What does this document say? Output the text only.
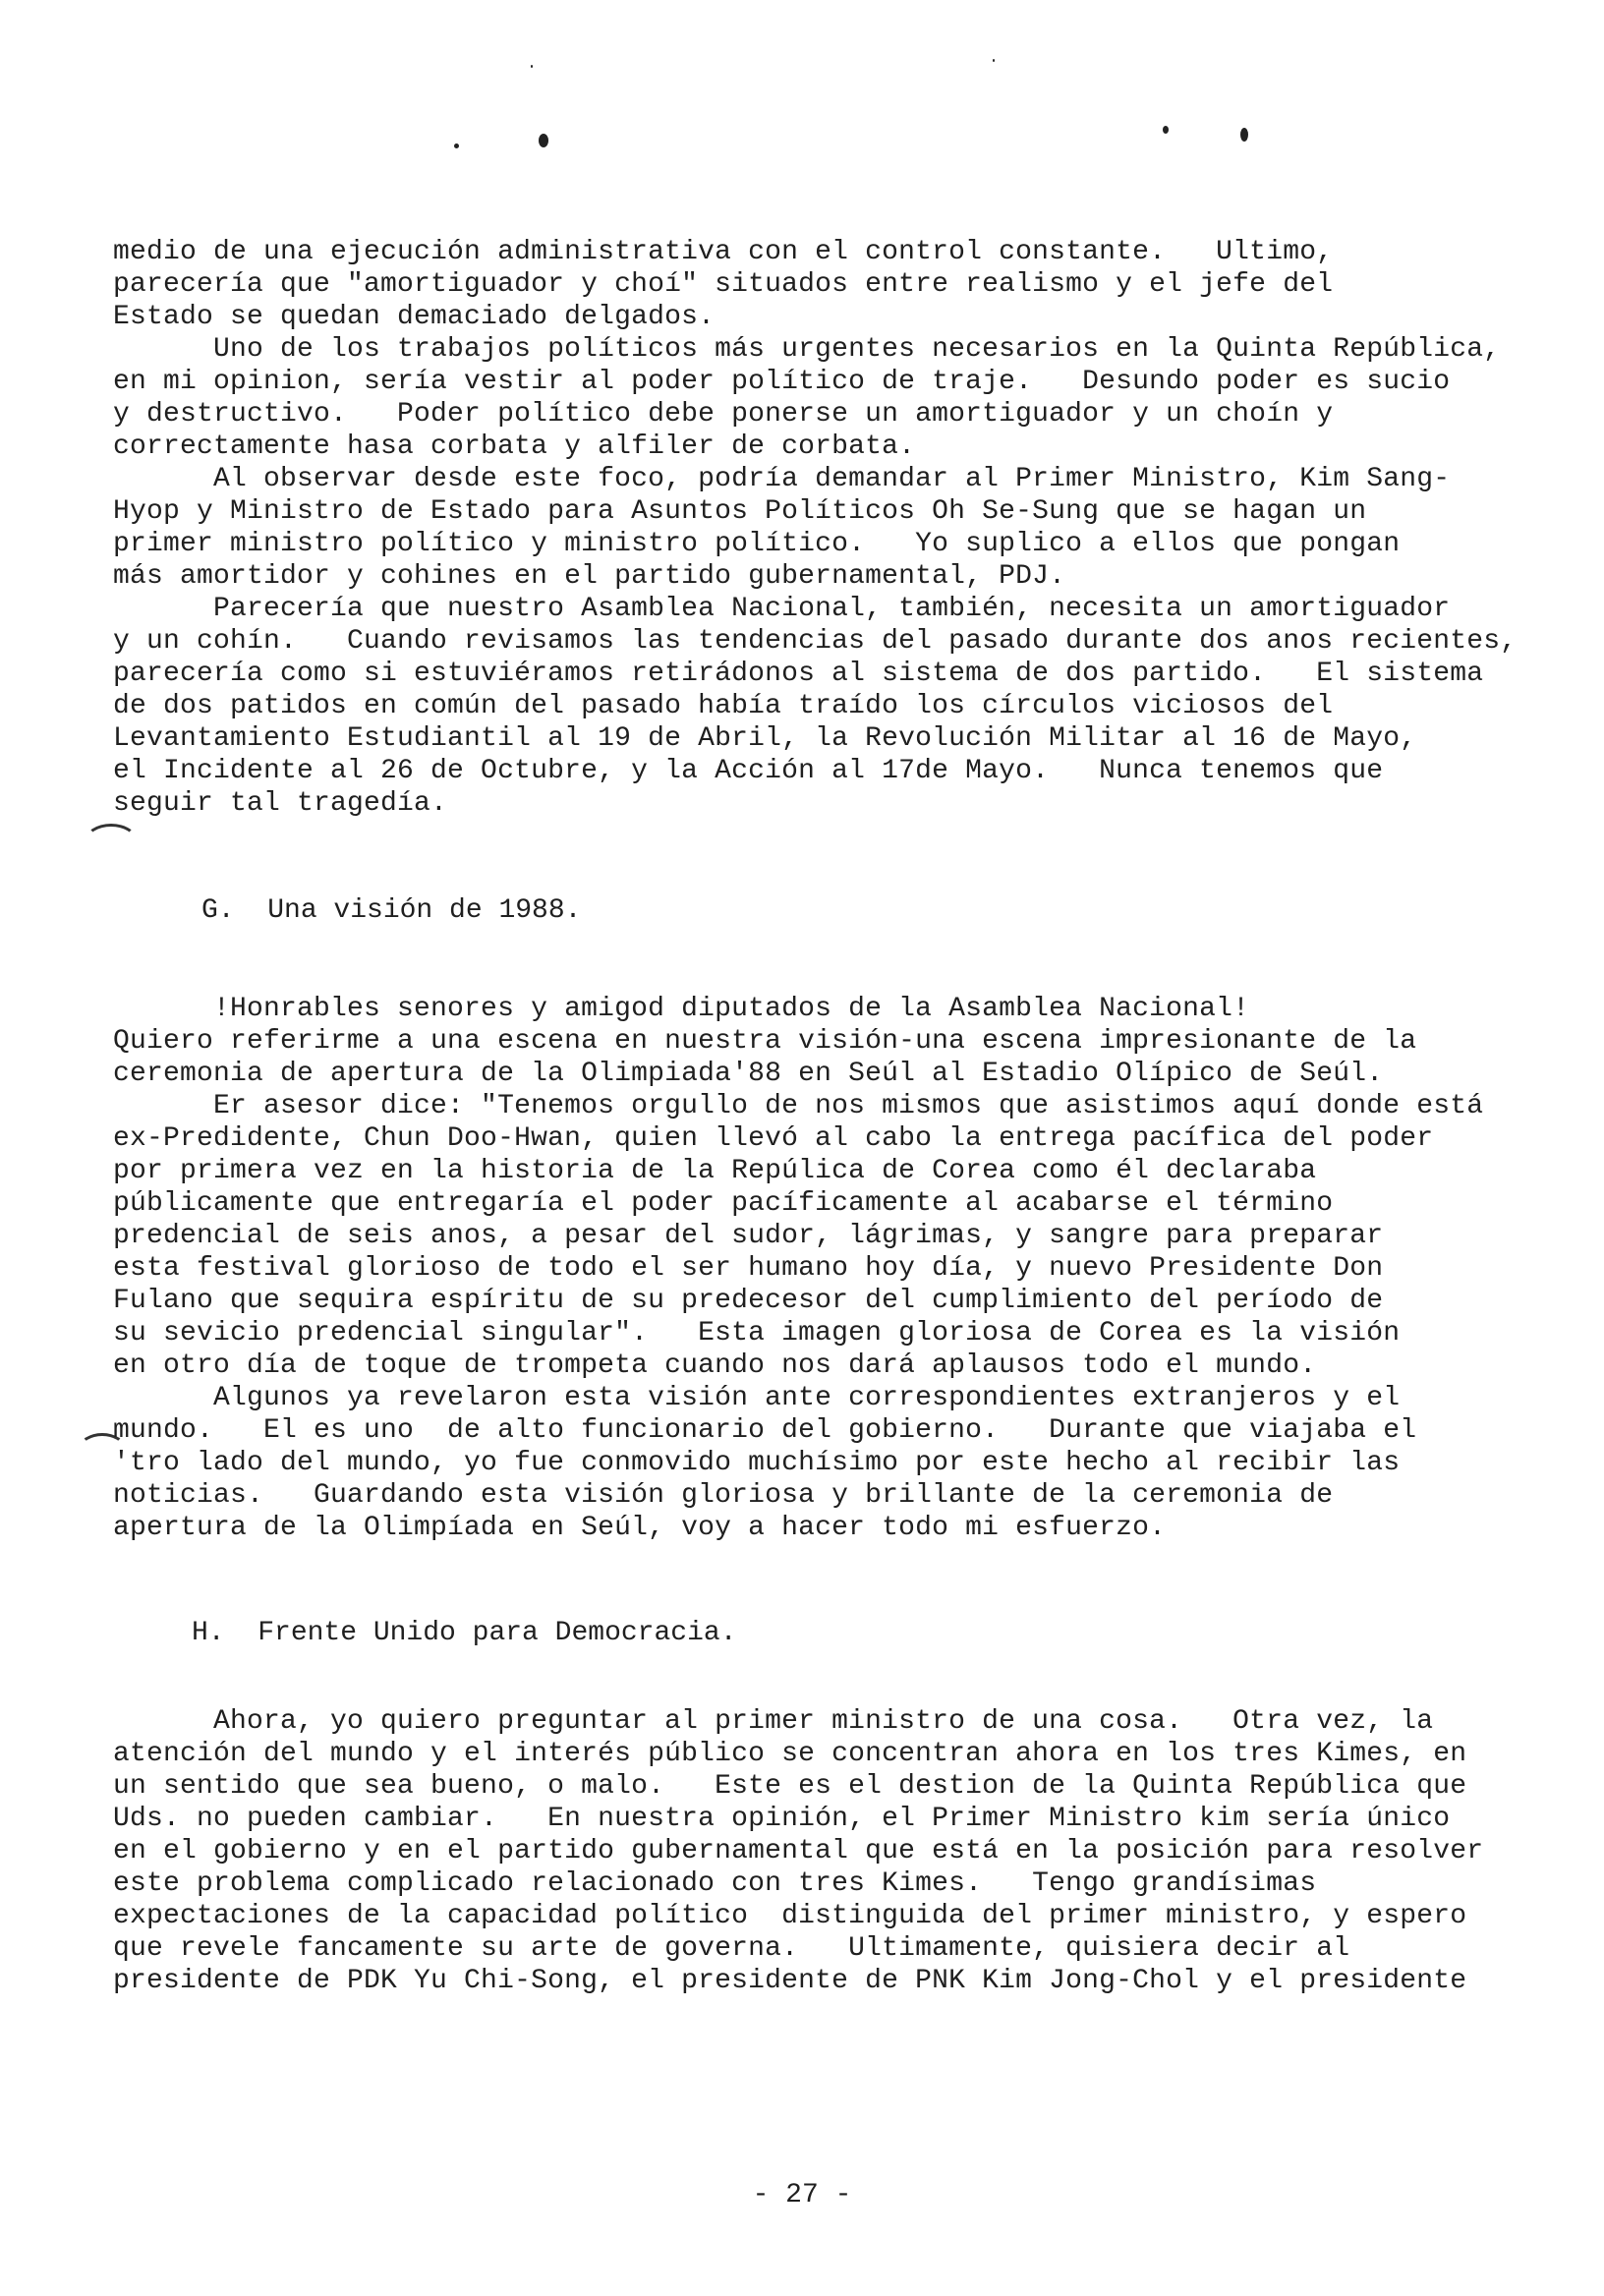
medio de una ejecución administrativa con el control constante.   Ultimo,
parecería que "amortiguador y choí" situados entre realismo y el jefe del
Estado se quedan demaciado delgados.
Uno de los trabajos políticos más urgentes necesarios en la Quinta República,
en mi opinion, sería vestir al poder político de traje.   Desundo poder es sucio
y destructivo.   Poder político debe ponerse un amortiguador y un choín y
correctamente hasa corbata y alfiler de corbata.
Al observar desde este foco, podría demandar al Primer Ministro, Kim Sang-
Hyop y Ministro de Estado para Asuntos Políticos Oh Se-Sung que se hagan un
primer ministro político y ministro político.   Yo suplico a ellos que pongan
más amortidor y cohines en el partido gubernamental, PDJ.
Parecería que nuestro Asamblea Nacional, también, necesita un amortiguador
y un cohín.   Cuando revisamos las tendencias del pasado durante dos anos recientes,
parecería como si estuviéramos retirádonos al sistema de dos partido.   El sistema
de dos patidos en común del pasado había traído los círculos viciosos del
Levantamiento Estudiantil al 19 de Abril, la Revolución Militar al 16 de Mayo,
el Incidente al 26 de Octubre, y la Acción al 17de Mayo.   Nunca tenemos que
seguir tal tragedía.
G.  Una visión de 1988.
!Honrables senores y amigod diputados de la Asamblea Nacional!
Quiero referirme a una escena en nuestra visión-una escena impresionante de la
ceremonia de apertura de la Olimpiada'88 en Seúl al Estadio Olípico de Seúl.
Er asesor dice: "Tenemos orgullo de nos mismos que asistimos aquí donde está
ex-Predidente, Chun Doo-Hwan, quien llevó al cabo la entrega pacífica del poder
por primera vez en la historia de la Repúlica de Corea como él declaraba
públicamente que entregaría el poder pacíficamente al acabarse el término
predencial de seis anos, a pesar del sudor, lágrimas, y sangre para preparar
esta festival glorioso de todo el ser humano hoy día, y nuevo Presidente Don
Fulano que sequira espíritu de su predecesor del cumplimiento del período de
su sevicio predencial singular".   Esta imagen gloriosa de Corea es la visión
en otro día de toque de trompeta cuando nos dará aplausos todo el mundo.
Algunos ya revelaron esta visión ante correspondientes extranjeros y el
mundo.   El es uno  de alto funcionario del gobierno.   Durante que viajaba el
'tro lado del mundo, yo fue conmovido muchísimo por este hecho al recibir las
noticias.   Guardando esta visión gloriosa y brillante de la ceremonia de
apertura de la Olimpíada en Seúl, voy a hacer todo mi esfuerzo.
H.  Frente Unido para Democracia.
Ahora, yo quiero preguntar al primer ministro de una cosa.   Otra vez, la
atención del mundo y el interés público se concentran ahora en los tres Kimes, en
un sentido que sea bueno, o malo.   Este es el destion de la Quinta República que
Uds. no pueden cambiar.   En nuestra opinión, el Primer Ministro kim sería único
en el gobierno y en el partido gubernamental que está en la posición para resolver
este problema complicado relacionado con tres Kimes.   Tengo grandísimas
expectaciones de la capacidad político  distinguida del primer ministro, y espero
que revele fancamente su arte de governa.   Ultimamente, quisiera decir al
presidente de PDK Yu Chi-Song, el presidente de PNK Kim Jong-Chol y el presidente
- 27 -
